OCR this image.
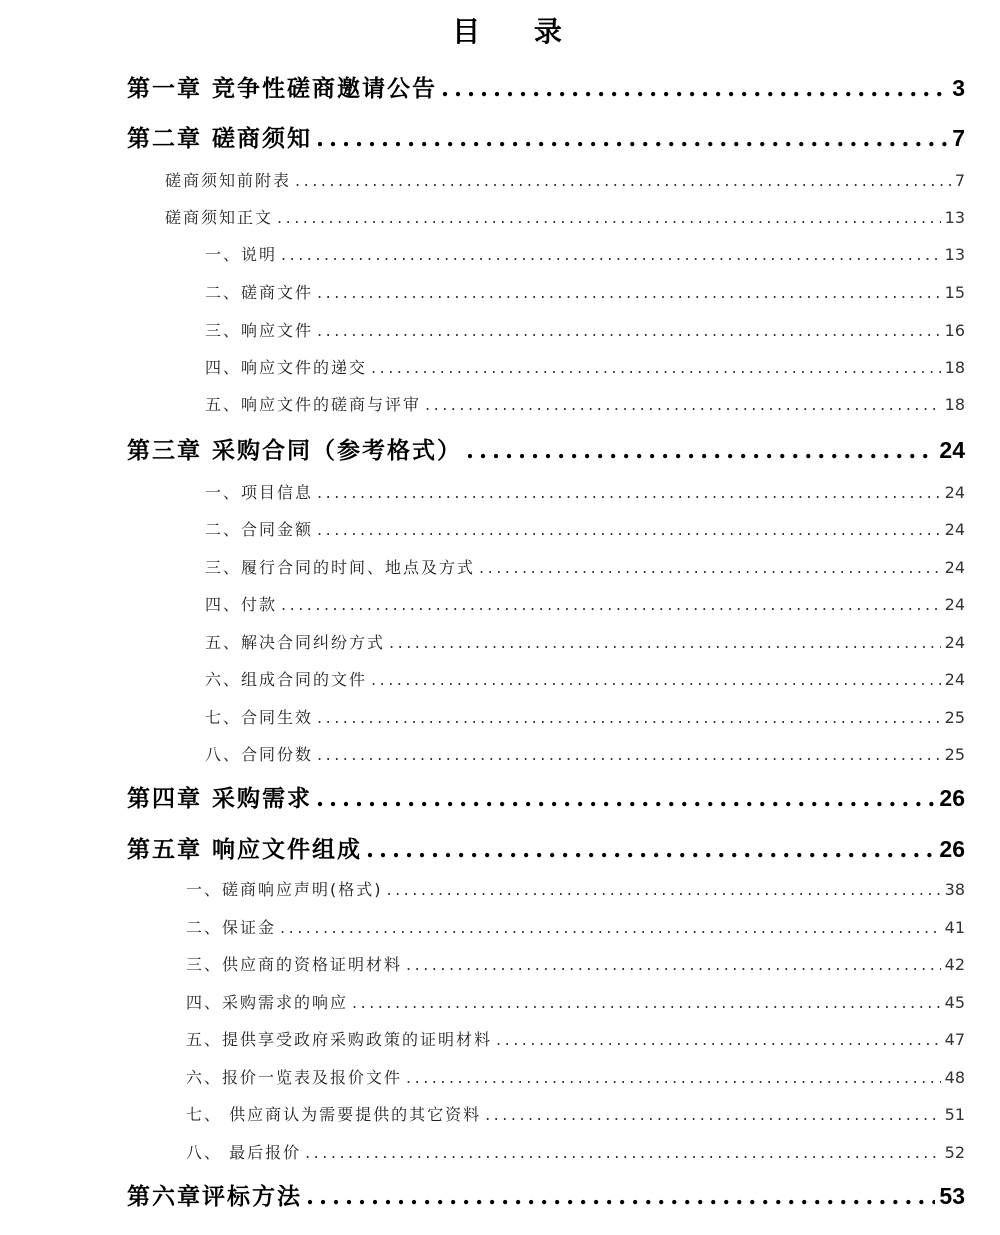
目 录
第一章 竞争性磋商邀请公告 .....	3
第二章 磋商须知 .....	7
磋商须知前附表 .....	7
磋商须知正文 .....	13
一、说明 .....	13
二、磋商文件 .....	15
三、响应文件 .....	16
四、响应文件的递交 .....	18
五、响应文件的磋商与评审 .....	18
第三章 采购合同（参考格式） .....	24
一、项目信息 .....	24
二、合同金额 .....	24
三、履行合同的时间、地点及方式 .....	24
四、付款 .....	24
五、解决合同纠纷方式 .....	24
六、组成合同的文件 .....	24
七、合同生效 .....	25
八、合同份数 .....	25
第四章 采购需求 .....	26
第五章 响应文件组成 .....	26
一、磋商响应声明(格式) .....	38
二、保证金 .....	41
三、供应商的资格证明材料 .....	42
四、采购需求的响应 .....	45
五、提供享受政府采购政策的证明材料 .....	47
六、报价一览表及报价文件 .....	48
七、 供应商认为需要提供的其它资料 .....	51
八、 最后报价 .....	52
第六章评标方法 .....	53
